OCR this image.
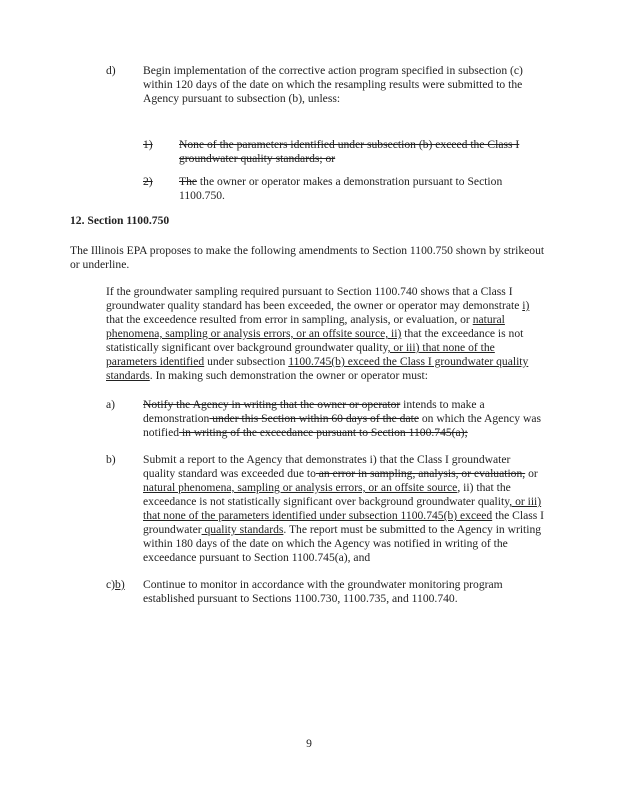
d) Begin implementation of the corrective action program specified in subsection (c) within 120 days of the date on which the resampling results were submitted to the Agency pursuant to subsection (b), unless:
1) None of the parameters identified under subsection (b) exceed the Class I groundwater quality standards; or
2) The the owner or operator makes a demonstration pursuant to Section 1100.750.
12. Section 1100.750
The Illinois EPA proposes to make the following amendments to Section 1100.750 shown by strikeout or underline.
If the groundwater sampling required pursuant to Section 1100.740 shows that a Class I groundwater quality standard has been exceeded, the owner or operator may demonstrate i) that the exceedence resulted from error in sampling, analysis, or evaluation, or natural phenomena, sampling or analysis errors, or an offsite source, ii) that the exceedance is not statistically significant over background groundwater quality, or iii) that none of the parameters identified under subsection 1100.745(b) exceed the Class I groundwater quality standards. In making such demonstration the owner or operator must:
a) Notify the Agency in writing that the owner or operator intends to make a demonstration under this Section within 60 days of the date on which the Agency was notified in writing of the exceedance pursuant to Section 1100.745(a);
b) Submit a report to the Agency that demonstrates i) that the Class I groundwater quality standard was exceeded due to an error in sampling, analysis, or evaluation, or natural phenomena, sampling or analysis errors, or an offsite source, ii) that the exceedance is not statistically significant over background groundwater quality, or iii) that none of the parameters identified under subsection 1100.745(b) exceed the Class I groundwater quality standards. The report must be submitted to the Agency in writing within 180 days of the date on which the Agency was notified in writing of the exceedance pursuant to Section 1100.745(a), and
c)b) Continue to monitor in accordance with the groundwater monitoring program established pursuant to Sections 1100.730, 1100.735, and 1100.740.
9
